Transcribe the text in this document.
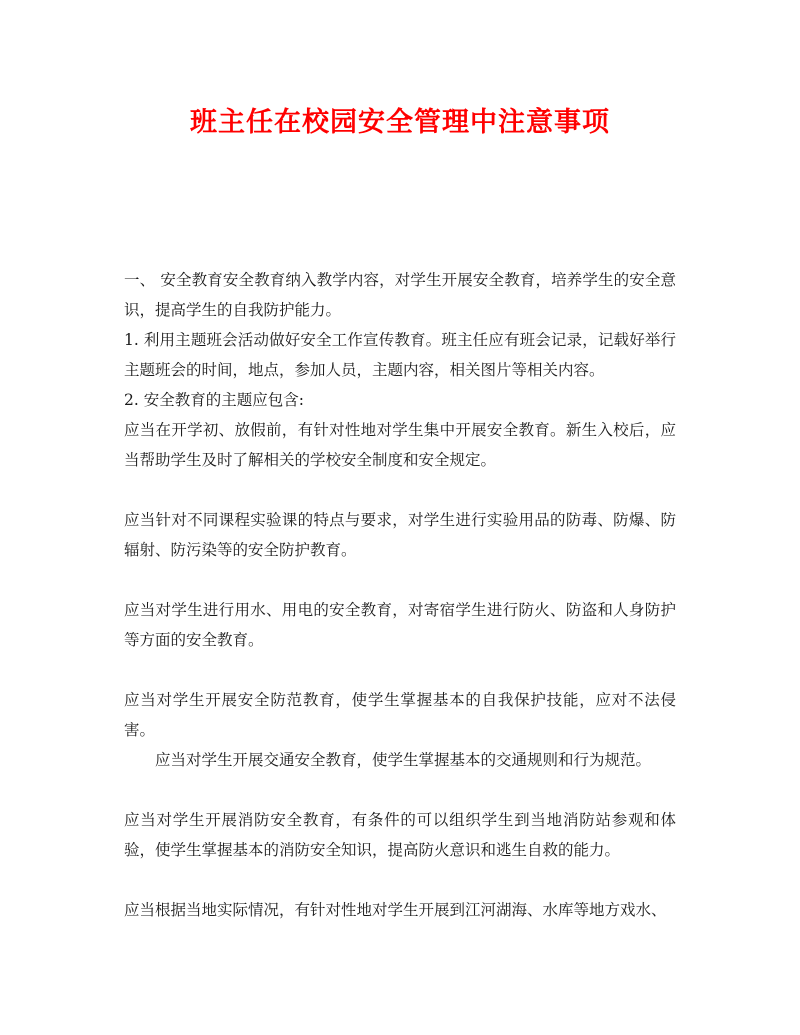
班主任在校园安全管理中注意事项

一、 安全教育安全教育纳入教学内容，对学生开展安全教育，培养学生的安全意识，提高学生的自我防护能力。

1. 利用主题班会活动做好安全工作宣传教育。班主任应有班会记录，记载好举行主题班会的时间，地点，参加人员，主题内容，相关图片等相关内容。

2. 安全教育的主题应包含:

应当在开学初、放假前，有针对性地对学生集中开展安全教育。新生入校后，应当帮助学生及时了解相关的学校安全制度和安全规定。

应当针对不同课程实验课的特点与要求，对学生进行实验用品的防毒、防爆、防辐射、防污染等的安全防护教育。

应当对学生进行用水、用电的安全教育，对寄宿学生进行防火、防盗和人身防护等方面的安全教育。

应当对学生开展安全防范教育，使学生掌握基本的自我保护技能，应对不法侵害。

应当对学生开展交通安全教育，使学生掌握基本的交通规则和行为规范。

应当对学生开展消防安全教育，有条件的可以组织学生到当地消防站参观和体验，使学生掌握基本的消防安全知识，提高防火意识和逃生自救的能力。

应当根据当地实际情况，有针对性地对学生开展到江河湖海、水库等地方戏水、
